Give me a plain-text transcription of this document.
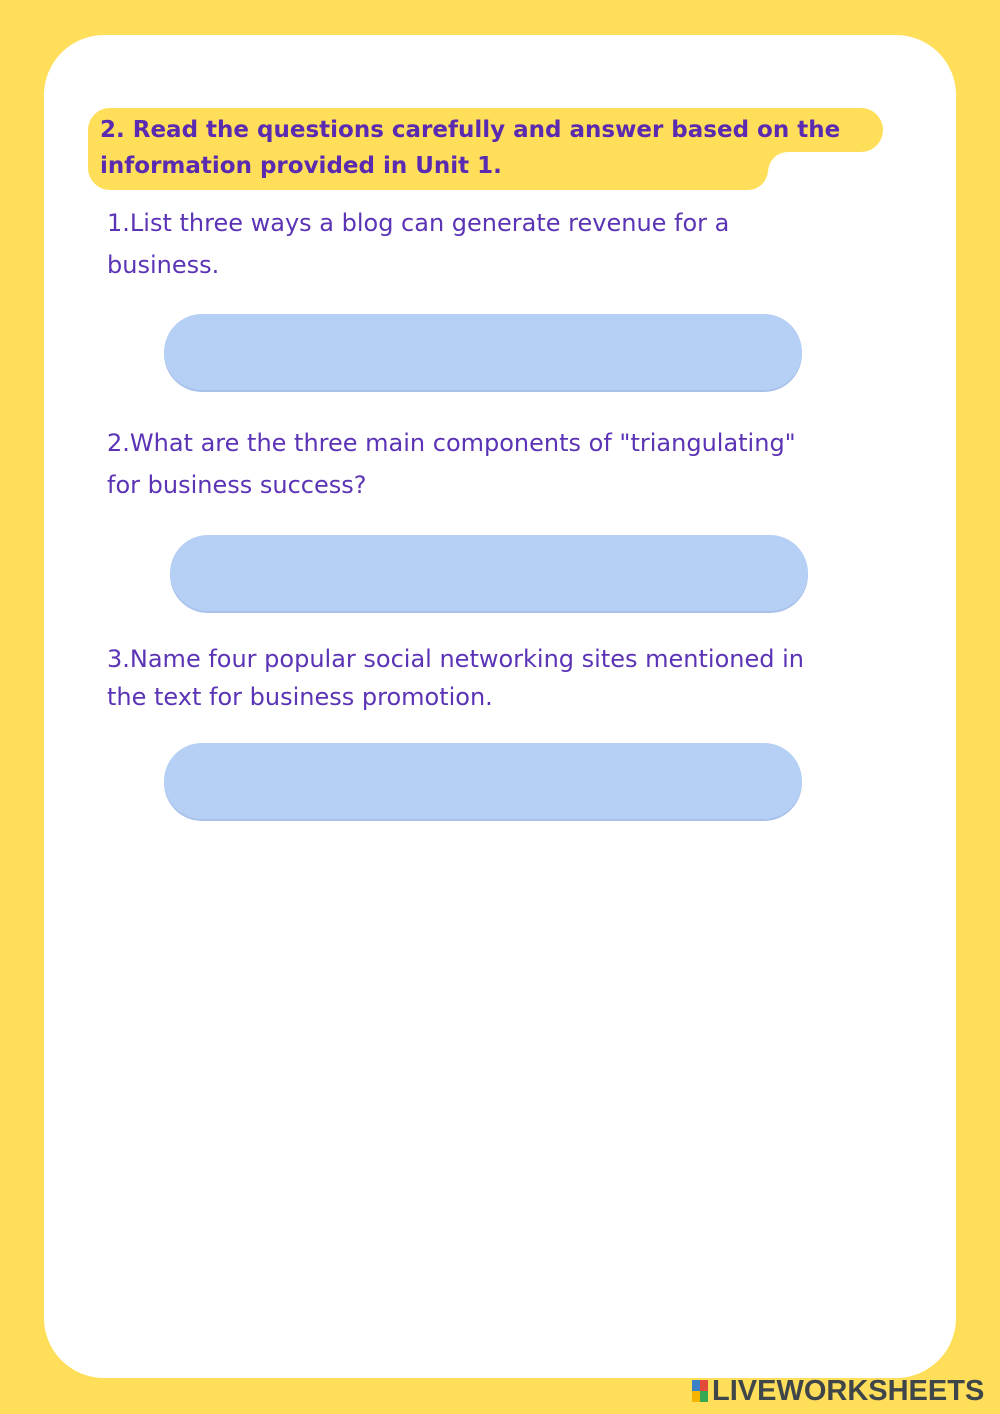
2. Read the questions carefully and answer based on the
information provided in Unit 1.

1.List three ways a blog can generate revenue for a
business.

2.What are the three main components of "triangulating"
for business success?

3.Name four popular social networking sites mentioned in
the text for business promotion.

LIVEWORKSHEETS
